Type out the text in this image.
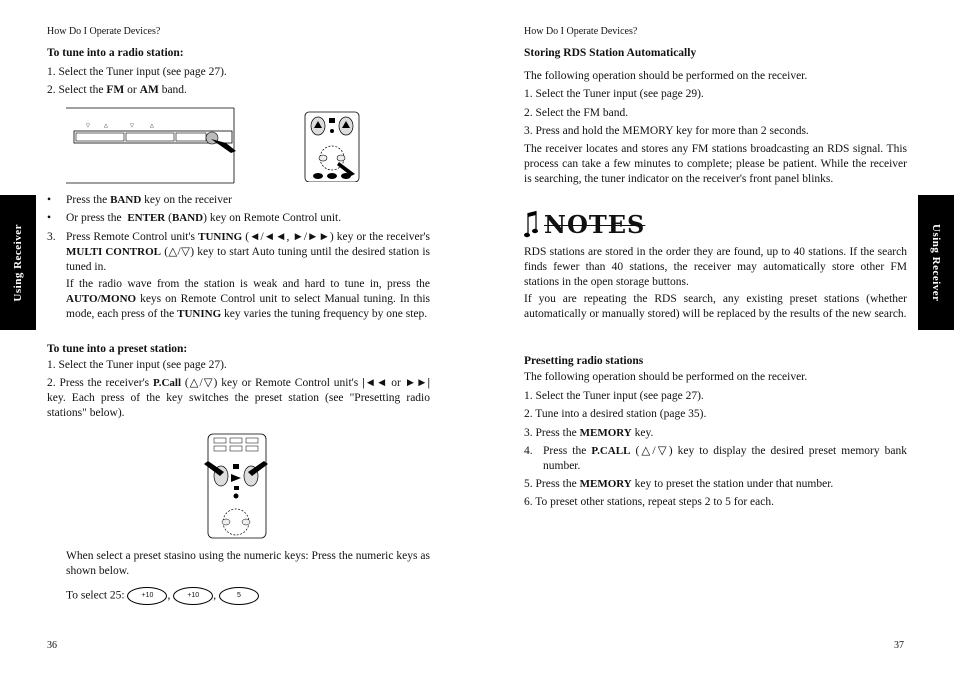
How Do I Operate Devices?
To tune into a radio station:
1. Select the Tuner input (see page 27).
2. Select the FM or AM band.
▽	△	▽	△
• Press the BAND key on the receiver
• Or press the  ENTER (BAND) key on Remote Control unit.
3. Press Remote Control unit's TUNING (◄/◄◄, ►/►►) key or the receiver's MULTI CONTROL (△/▽) key to start Auto tuning until the desired station is tuned in.
If the radio wave from the station is weak and hard to tune in, press the AUTO/MONO keys on Remote Control unit to select Manual tuning. In this mode, each press of the TUNING key varies the tuning frequency by one step.
To tune into a preset station:
1. Select the Tuner input (see page 27).
2. Press the receiver's P.Call (△/▽) key or Remote Control unit's |◄◄ or ►►| key. Each press of the key switches the preset station (see "Presetting radio stations" below).
When select a preset stasino using the numeric keys: Press the numeric keys as shown below.
To select 25: +10 , +10 ,	5
36
Using Receiver	Using Receiver
How Do I Operate Devices?
Storing RDS Station Automatically
The following operation should be performed on the receiver.
1. Select the Tuner input (see page 29).
2. Select the FM band.
3. Press and hold the MEMORY key for more than 2 seconds.
The receiver locates and stores any FM stations broadcasting an RDS signal. This process can take a few minutes to complete; please be patient. While the receiver is searching, the tuner indicator on the receiver's front panel blinks.
NOTES
RDS stations are stored in the order they are found, up to 40 stations. If the search finds fewer than 40 stations, the receiver may automatically store other FM stations in the open storage buttons.
If you are repeating the RDS search, any existing preset stations (whether automatically or manually stored) will be replaced by the results of the new search.
Presetting radio stations
The following operation should be performed on the receiver.
1. Select the Tuner input (see page 27).
2. Tune into a desired station (page 35).
3. Press the MEMORY key.
4. Press the P.CALL (△/▽) key to display the desired preset memory bank number.
5. Press the MEMORY key to preset the station under that number.
6. To preset other stations, repeat steps 2 to 5 for each.
37
